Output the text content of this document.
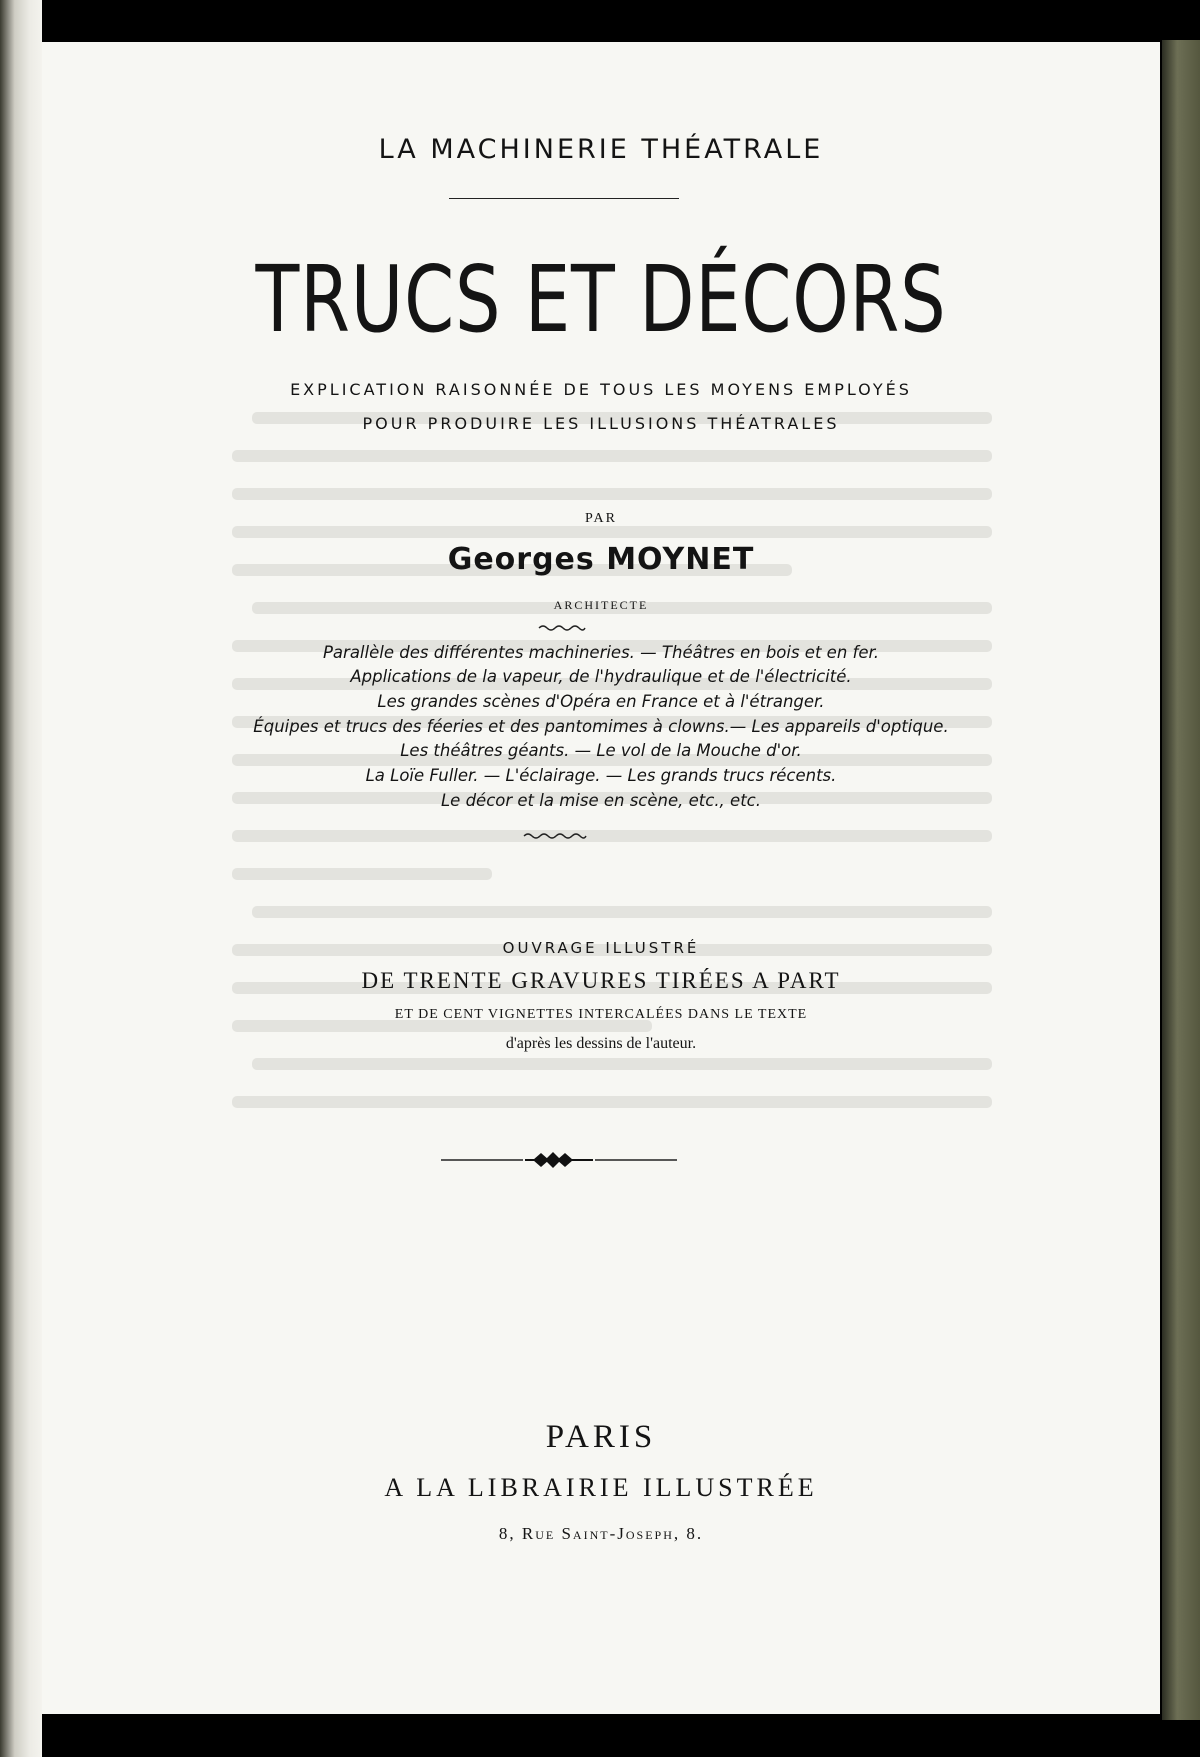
LA MACHINERIE THÉATRALE
TRUCS ET DÉCORS
EXPLICATION RAISONNÉE DE TOUS LES MOYENS EMPLOYÉS
POUR PRODUIRE LES ILLUSIONS THÉATRALES
PAR
Georges MOYNET
ARCHITECTE
Parallèle des différentes machineries. — Théâtres en bois et en fer.
Applications de la vapeur, de l'hydraulique et de l'électricité.
Les grandes scènes d'Opéra en France et à l'étranger.
Équipes et trucs des féeries et des pantomimes à clowns.— Les appareils d'optique.
Les théâtres géants. — Le vol de la Mouche d'or.
La Loïe Fuller. — L'éclairage. — Les grands trucs récents.
Le décor et la mise en scène, etc., etc.
OUVRAGE ILLUSTRÉ
DE TRENTE GRAVURES TIRÉES A PART
ET DE CENT VIGNETTES INTERCALÉES DANS LE TEXTE
d'après les dessins de l'auteur.
PARIS
A LA LIBRAIRIE ILLUSTRÉE
8, Rue Saint-Joseph, 8.
